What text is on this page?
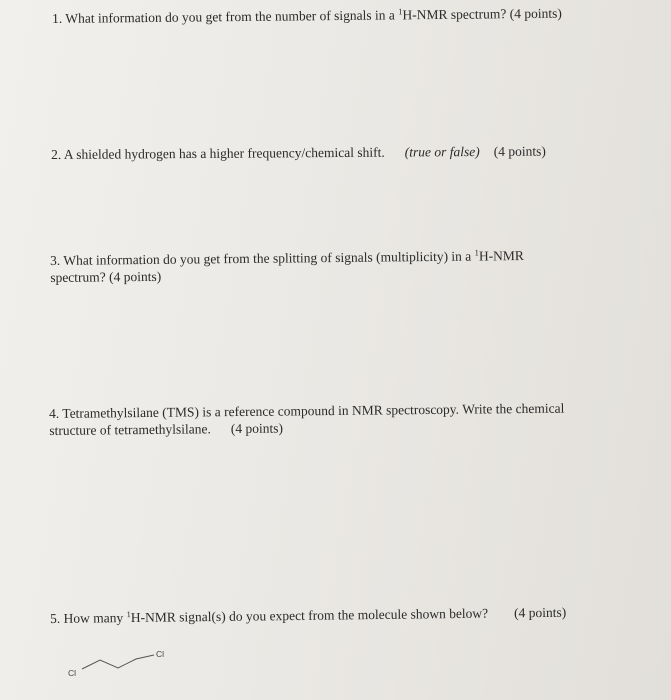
1. What information do you get from the number of signals in a $^1$H-NMR spectrum? (4 points)
2. A shielded hydrogen has a higher frequency/chemical shift. (true or false) (4 points)
3. What information do you get from the splitting of signals (multiplicity) in a $^1$H-NMR
spectrum? (4 points)
4. Tetramethylsilane (TMS) is a reference compound in NMR spectroscopy. Write the chemical
structure of tetramethylsilane. (4 points)
5. How many $^1$H-NMR signal(s) do you expect from the molecule shown below? (4 points)
Cl
Cl
